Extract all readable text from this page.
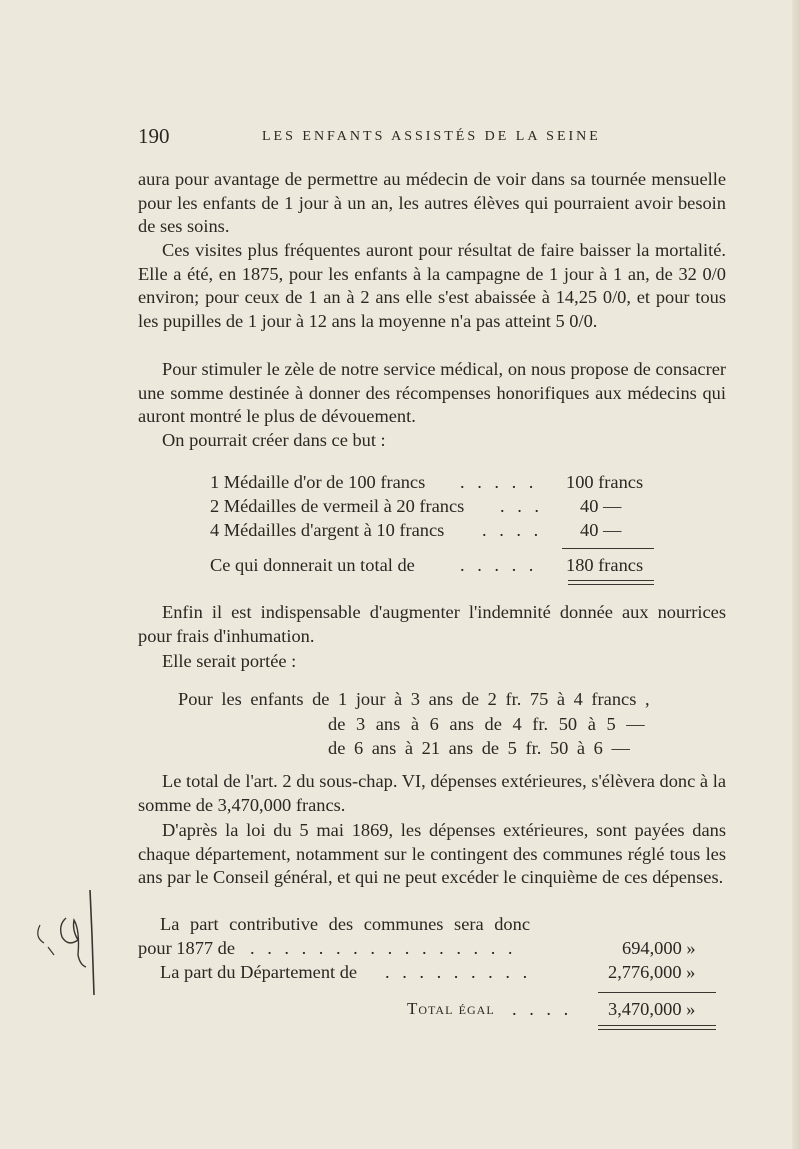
190	LES ENFANTS ASSISTÉS DE LA SEINE

aura pour avantage de permettre au médecin de voir dans sa tournée mensuelle pour les enfants de 1 jour à un an, les autres élèves qui pourraient avoir besoin de ses soins.

Ces visites plus fréquentes auront pour résultat de faire baisser la mortalité. Elle a été, en 1875, pour les enfants à la campagne de 1 jour à 1 an, de 32 0/0 environ; pour ceux de 1 an à 2 ans elle s'est abaissée à 14,25 0/0, et pour tous les pupilles de 1 jour à 12 ans la moyenne n'a pas atteint 5 0/0.

Pour stimuler le zèle de notre service médical, on nous propose de consacrer une somme destinée à donner des récompenses honorifiques aux médecins qui auront montré le plus de dévouement.

On pourrait créer dans ce but :

1 Médaille d'or de 100 francs . . . . . 100 francs
2 Médailles de vermeil à 20 francs . . . 40 —
4 Médailles d'argent à 10 francs . . . . 40 —
Ce qui donnerait un total de . . . . . 180 francs

Enfin il est indispensable d'augmenter l'indemnité donnée aux nourrices pour frais d'inhumation.

Elle serait portée :

Pour les enfants de 1 jour à 3 ans de 2 fr. 75 à 4 francs ,
de 3 ans à 6 ans de 4 fr. 50 à 5 —
de 6 ans à 21 ans de 5 fr. 50 à 6 —

Le total de l'art. 2 du sous-chap. VI, dépenses extérieures, s'élèvera donc à la somme de 3,470,000 francs.

D'après la loi du 5 mai 1869, les dépenses extérieures, sont payées dans chaque département, notamment sur le contingent des communes réglé tous les ans par le Conseil général, et qui ne peut excéder le cinquième de ces dépenses.

La part contributive des communes sera donc
pour 1877 de . . . . . . . . . . . . . . . .	694,000 »
La part du Département de . . . . . . . . .	2,776,000 »
Total égal . . . . 3,470,000 »
